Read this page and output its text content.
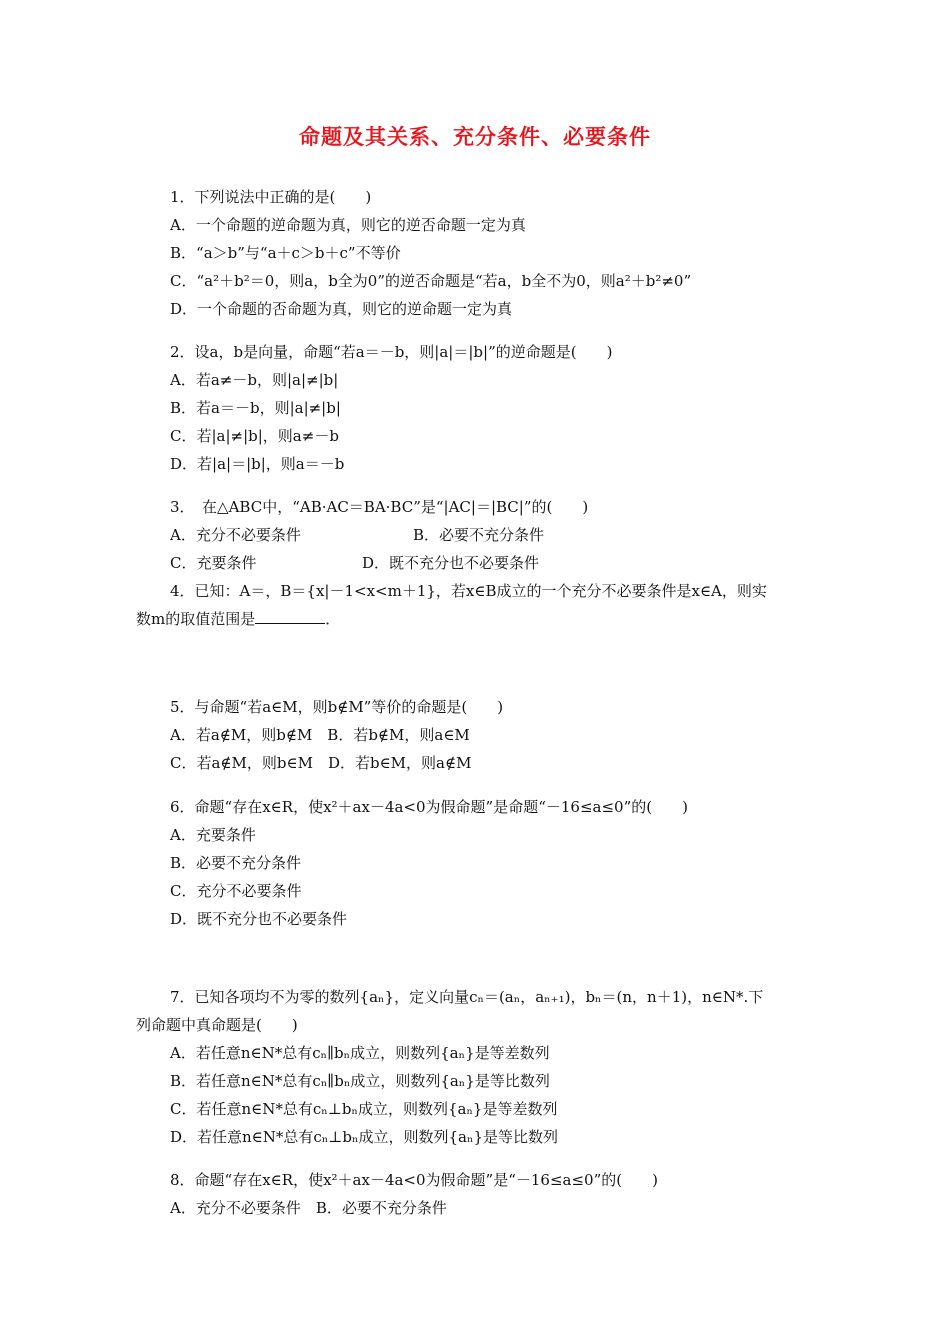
命题及其关系、充分条件、必要条件
1．下列说法中正确的是(　　)
A．一个命题的逆命题为真，则它的逆否命题一定为真
B．“a＞b”与“a＋c＞b＋c”不等价
C．“a²＋b²＝0，则a，b全为0”的逆否命题是“若a，b全不为0，则a²＋b²≠0”
D．一个命题的否命题为真，则它的逆命题一定为真
2．设a，b是向量，命题“若a＝－b，则|a|＝|b|”的逆命题是(　　)
A．若a≠－b，则|a|≠|b|
B．若a＝－b，则|a|≠|b|
C．若|a|≠|b|，则a≠－b
D．若|a|＝|b|，则a＝－b
3．　在△ABC中，“AB·AC＝BA·BC”是“|AC|＝|BC|”的(　　)
A．充分不必要条件	B．必要不充分条件
C．充要条件	D．既不充分也不必要条件
4．已知：A＝，B＝{x|－1<x<m＋1}，若x∈B成立的一个充分不必要条件是x∈A，则实
数m的取值范围是	．
5．与命题“若a∈M，则b∉M”等价的命题是(　　)
A．若a∉M，则b∉M　B．若b∉M，则a∈M
C．若a∉M，则b∈M　D．若b∈M，则a∉M
6．命题“存在x∈R，使x²＋ax－4a<0为假命题”是命题“－16≤a≤0”的(　　)
A．充要条件
B．必要不充分条件
C．充分不必要条件
D．既不充分也不必要条件
7．已知各项均不为零的数列{aₙ}，定义向量cₙ＝(aₙ，aₙ₊₁)，bₙ＝(n，n＋1)，n∈N*.下
列命题中真命题是(　　)
A．若任意n∈N*总有cₙ∥bₙ成立，则数列{aₙ}是等差数列
B．若任意n∈N*总有cₙ∥bₙ成立，则数列{aₙ}是等比数列
C．若任意n∈N*总有cₙ⊥bₙ成立，则数列{aₙ}是等差数列
D．若任意n∈N*总有cₙ⊥bₙ成立，则数列{aₙ}是等比数列
8．命题“存在x∈R，使x²＋ax－4a<0为假命题”是“－16≤a≤0”的(　　)
A．充分不必要条件　B．必要不充分条件
